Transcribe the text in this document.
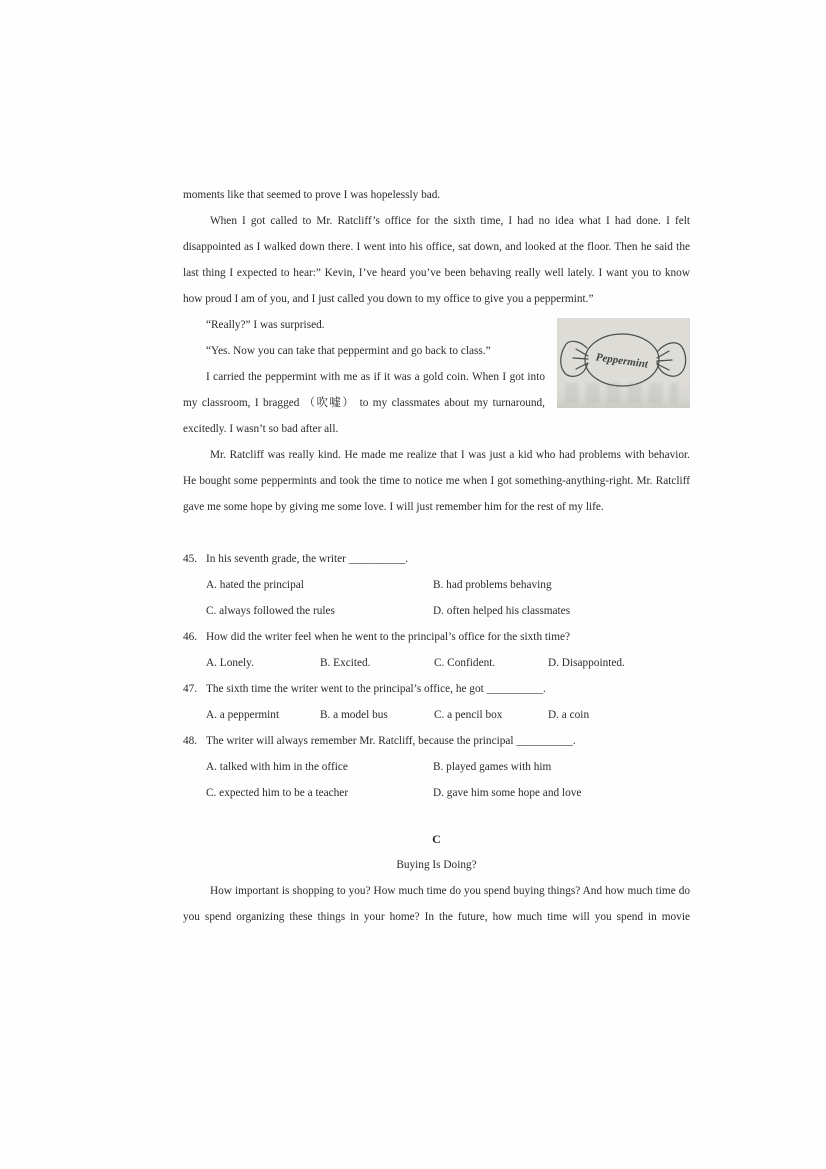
moments like that seemed to prove I was hopelessly bad.

When I got called to Mr. Ratcliff’s office for the sixth time, I had no idea what I had done. I felt disappointed as I walked down there. I went into his office, sat down, and looked at the floor. Then he said the last thing I expected to hear:” Kevin, I’ve heard you’ve been behaving really well lately. I want you to know how proud I am of you, and I just called you down to my office to give you a peppermint.”

Peppermint
“Really?” I was surprised.

“Yes. Now you can take that peppermint and go back to class.”

I carried the peppermint with me as if it was a gold coin. When I got into my classroom, I bragged （吹嘘） to my classmates about my turnaround, excitedly. I wasn’t so bad after all.

Mr. Ratcliff was really kind. He made me realize that I was just a kid who had problems with behavior. He bought some peppermints and took the time to notice me when I got something-anything-right. Mr. Ratcliff gave me some hope by giving me some love. I will just remember him for the rest of my life.

45. In his seventh grade, the writer __________.
A. hated the principal	B. had problems behaving
C. always followed the rules	D. often helped his classmates
46. How did the writer feel when he went to the principal’s office for the sixth time?
A. Lonely.	B. Excited.	C. Confident.	D. Disappointed.
47. The sixth time the writer went to the principal’s office, he got __________.
A. a peppermint	B. a model bus	C. a pencil box	D. a coin
48. The writer will always remember Mr. Ratcliff, because the principal __________.
A. talked with him in the office	B. played games with him
C. expected him to be a teacher	D. gave him some hope and love
C
Buying Is Doing?

How important is shopping to you? How much time do you spend buying things? And how much time do you spend organizing these things in your home? In the future, how much time will you spend in movie
